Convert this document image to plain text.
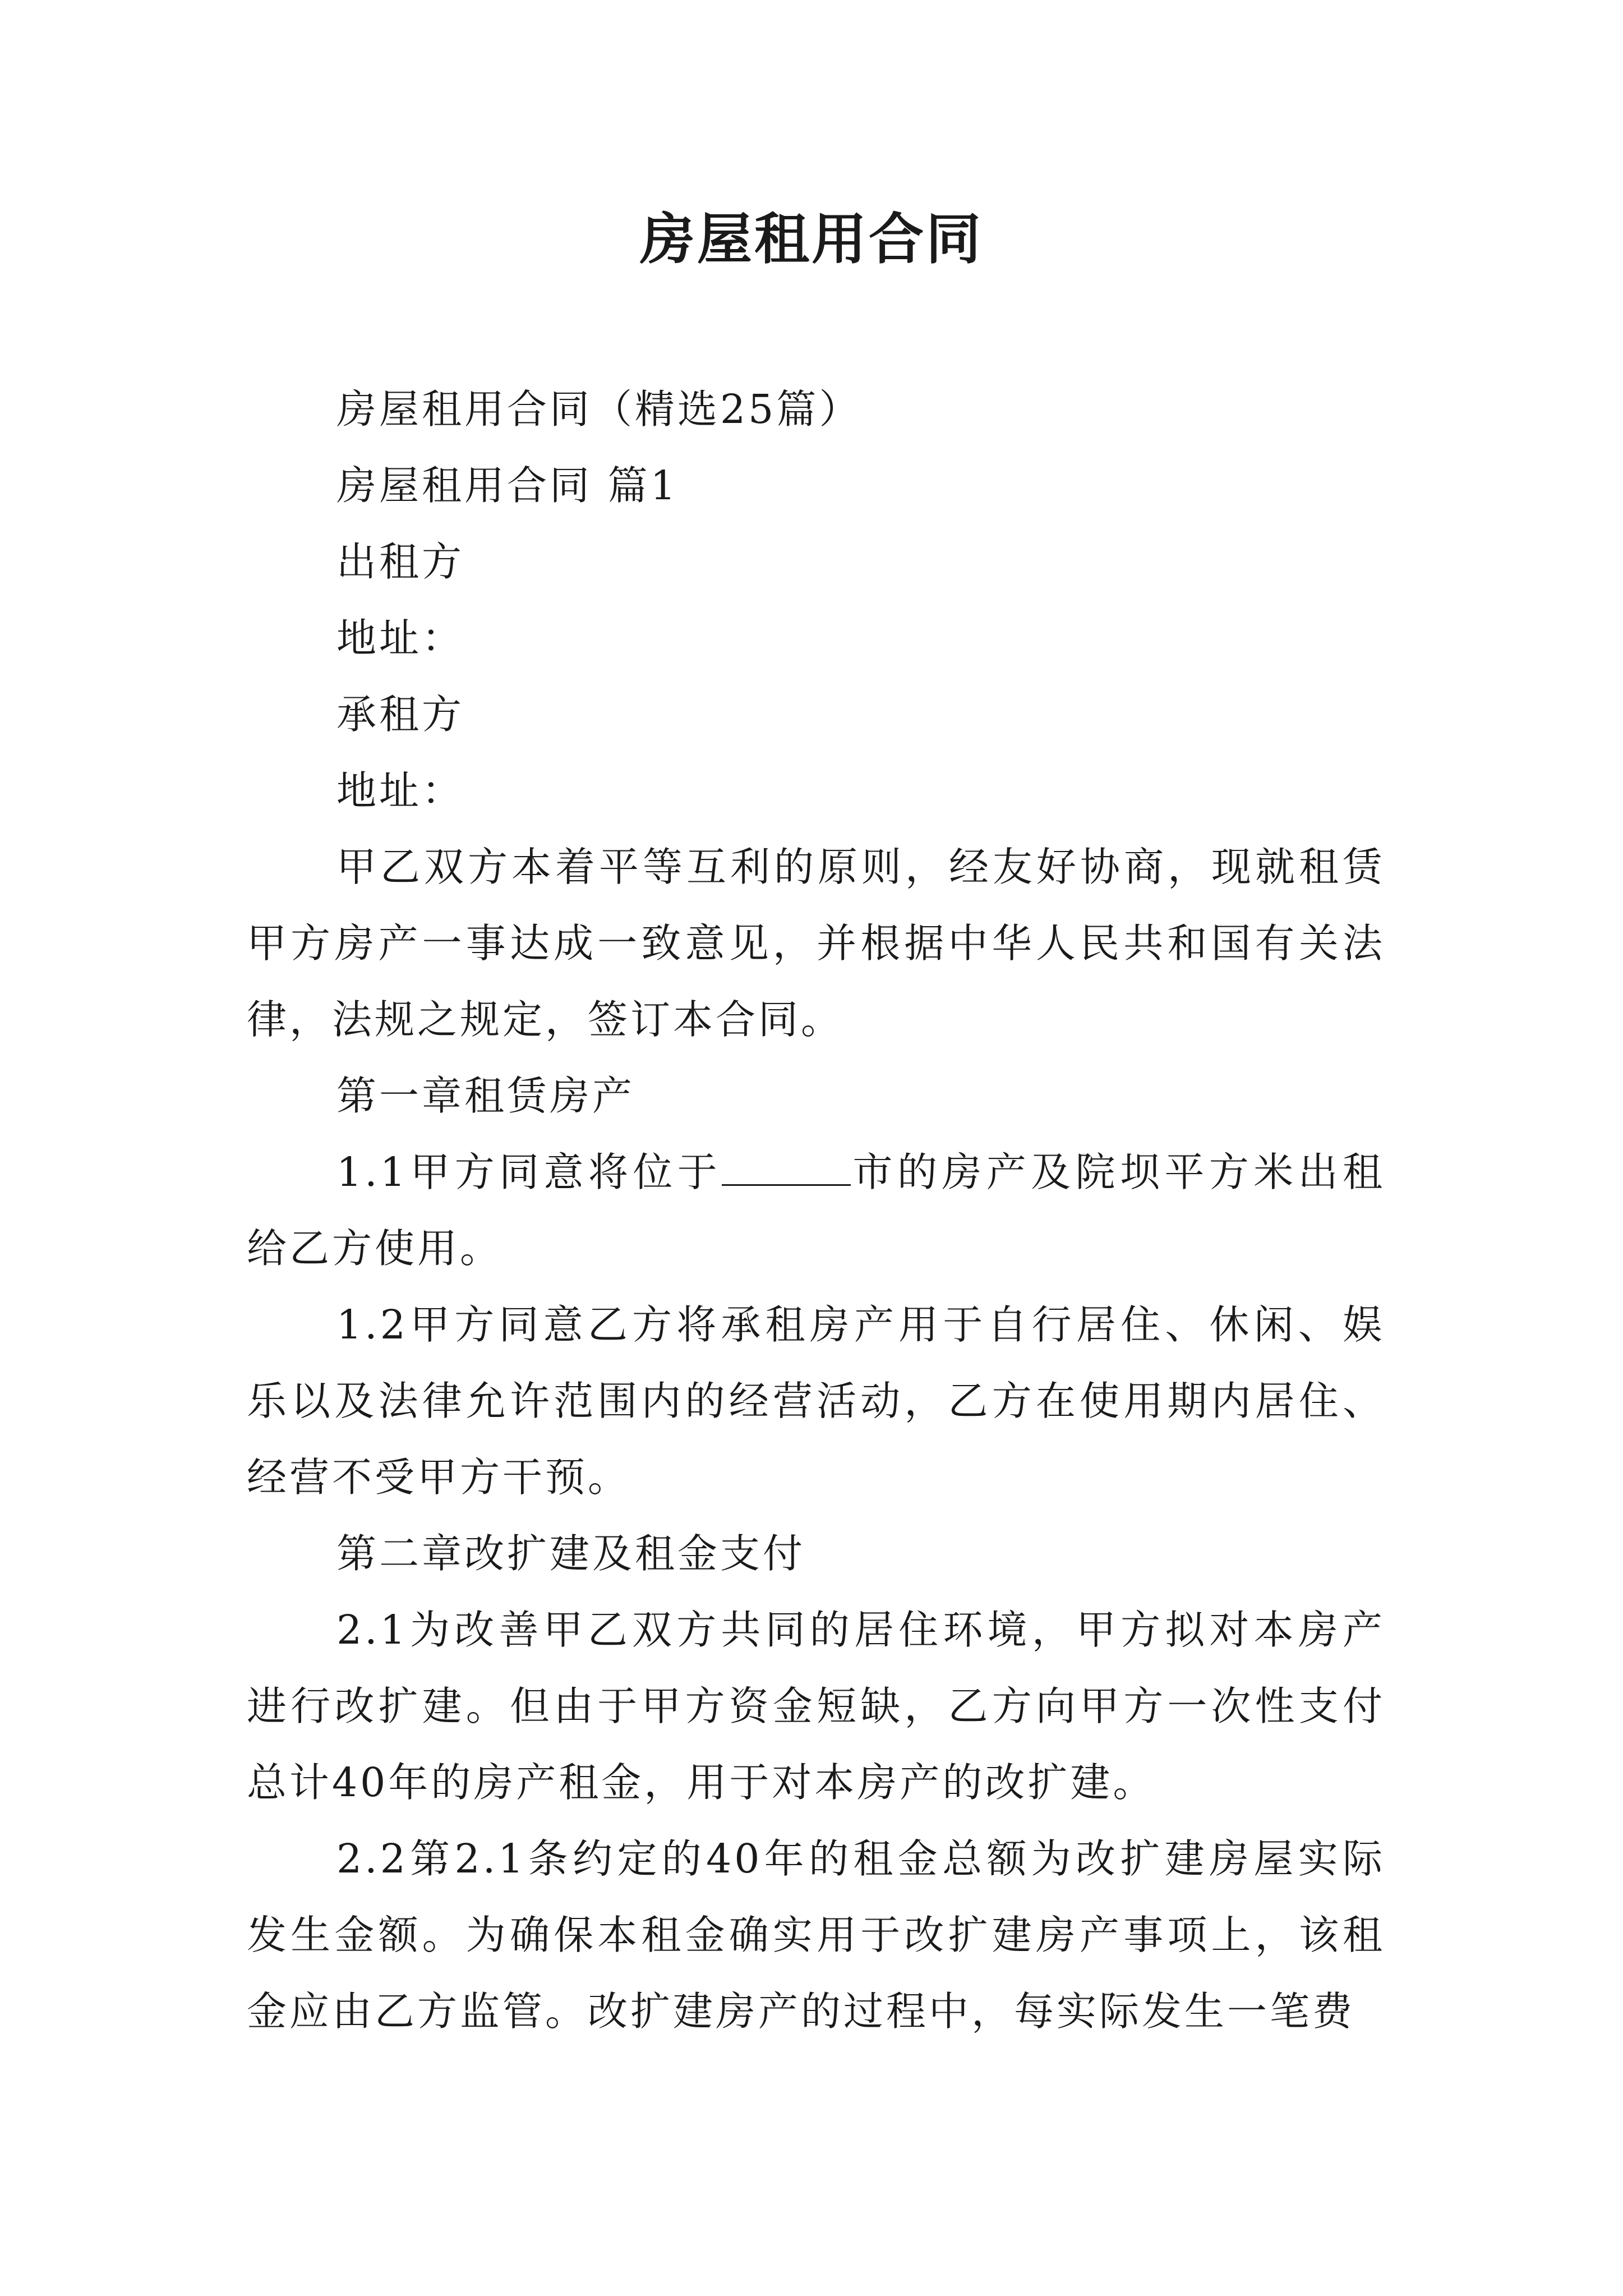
房屋租用合同

房屋租用合同（精选25篇）

房屋租用合同 篇1

出租方

地址：

承租方

地址：

甲乙双方本着平等互利的原则，经友好协商，现就租赁甲方房产一事达成一致意见，并根据中华人民共和国有关法律，法规之规定，签订本合同。

第一章租赁房产

1.1甲方同意将位于	市的房产及院坝平方米出租给乙方使用。

1.2甲方同意乙方将承租房产用于自行居住、休闲、娱乐以及法律允许范围内的经营活动，乙方在使用期内居住、经营不受甲方干预。

第二章改扩建及租金支付

2.1为改善甲乙双方共同的居住环境，甲方拟对本房产进行改扩建。但由于甲方资金短缺，乙方向甲方一次性支付总计40年的房产租金，用于对本房产的改扩建。

2.2第2.1条约定的40年的租金总额为改扩建房屋实际发生金额。为确保本租金确实用于改扩建房产事项上，该租金应由乙方监管。改扩建房产的过程中，每实际发生一笔费
